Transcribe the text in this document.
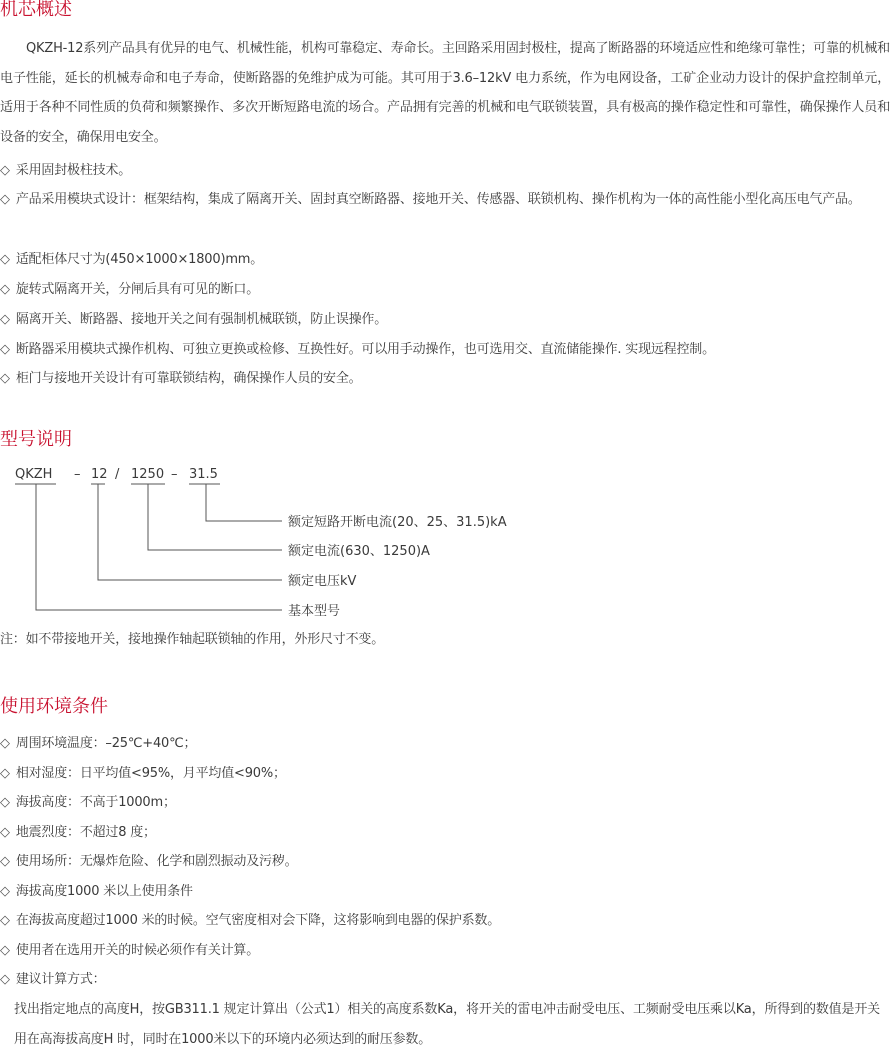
机芯概述

QKZH-12系列产品具有优异的电气、机械性能，机构可靠稳定、寿命长。主回路采用固封极柱，提高了断路器的环境适应性和绝缘可靠性；可靠的机械和电子性能，延长的机械寿命和电子寿命，使断路器的免维护成为可能。其可用于3.6–12kV 电力系统，作为电网设备，工矿企业动力设计的保护盒控制单元，适用于各种不同性质的负荷和频繁操作、多次开断短路电流的场合。产品拥有完善的机械和电气联锁装置，具有极高的操作稳定性和可靠性，确保操作人员和设备的安全，确保用电安全。

◇ 采用固封极柱技术。

◇ 产品采用模块式设计：框架结构，集成了隔离开关、固封真空断路器、接地开关、传感器、联锁机构、操作机构为一体的高性能小型化高压电气产品。

◇ 适配柜体尺寸为(450×1000×1800)mm。

◇ 旋转式隔离开关，分闸后具有可见的断口。

◇ 隔离开关、断路器、接地开关之间有强制机械联锁，防止误操作。

◇ 断路器采用模块式操作机构、可独立更换或检修、互换性好。可以用手动操作，也可选用交、直流储能操作. 实现远程控制。

◇ 柜门与接地开关设计有可靠联锁结构，确保操作人员的安全。

型号说明
QKZH – 12 / 1250 – 31.5
额定短路开断电流(20、25、31.5)kA
额定电流(630、1250)A
额定电压kV
基本型号

注：如不带接地开关，接地操作轴起联锁轴的作用，外形尺寸不变。

使用环境条件

◇ 周围环境温度：–25℃+40℃；

◇ 相对湿度：日平均值<95%，月平均值<90%；

◇ 海拔高度：不高于1000m；

◇ 地震烈度：不超过8 度；

◇ 使用场所：无爆炸危险、化学和剧烈振动及污秽。

◇ 海拔高度1000 米以上使用条件

◇ 在海拔高度超过1000 米的时候。空气密度相对会下降，这将影响到电器的保护系数。

◇ 使用者在选用开关的时候必须作有关计算。

◇ 建议计算方式：

找出指定地点的高度H，按GB311.1 规定计算出（公式1）相关的高度系数Ka，将开关的雷电冲击耐受电压、工频耐受电压乘以Ka，所得到的数值是开关用在高海拔高度H 时，同时在1000米以下的环境内必须达到的耐压参数。
